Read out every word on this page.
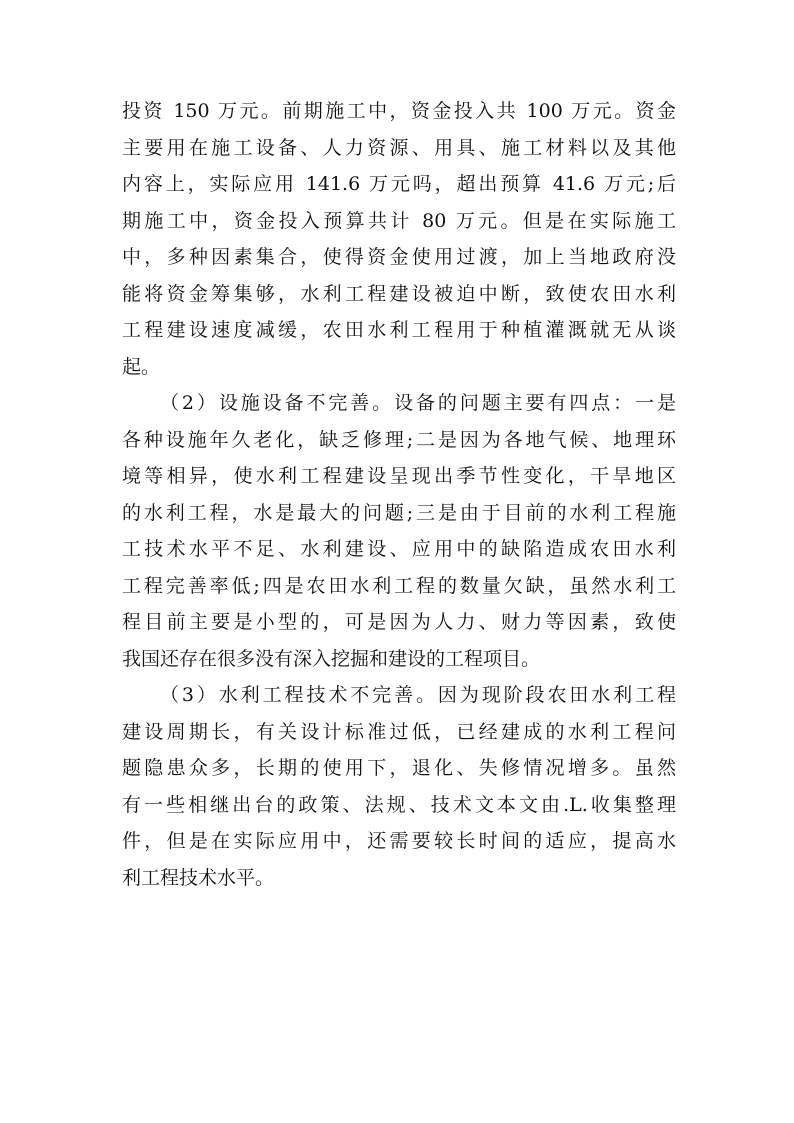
投资 150 万元。前期施工中，资金投入共 100 万元。资金
主要用在施工设备、人力资源、用具、施工材料以及其他
内容上，实际应用 141.6 万元吗，超出预算 41.6 万元;后
期施工中，资金投入预算共计 80 万元。但是在实际施工
中，多种因素集合，使得资金使用过渡，加上当地政府没
能将资金筹集够，水利工程建设被迫中断，致使农田水利
工程建设速度减缓，农田水利工程用于种植灌溉就无从谈
起。
（2）设施设备不完善。设备的问题主要有四点：一是
各种设施年久老化，缺乏修理;二是因为各地气候、地理环
境等相异，使水利工程建设呈现出季节性变化，干旱地区
的水利工程，水是最大的问题;三是由于目前的水利工程施
工技术水平不足、水利建设、应用中的缺陷造成农田水利
工程完善率低;四是农田水利工程的数量欠缺，虽然水利工
程目前主要是小型的，可是因为人力、财力等因素，致使
我国还存在很多没有深入挖掘和建设的工程项目。
（3）水利工程技术不完善。因为现阶段农田水利工程
建设周期长，有关设计标准过低，已经建成的水利工程问
题隐患众多，长期的使用下，退化、失修情况增多。虽然
有一些相继出台的政策、法规、技术文本文由.L.收集整理
件，但是在实际应用中，还需要较长时间的适应，提高水
利工程技术水平。
